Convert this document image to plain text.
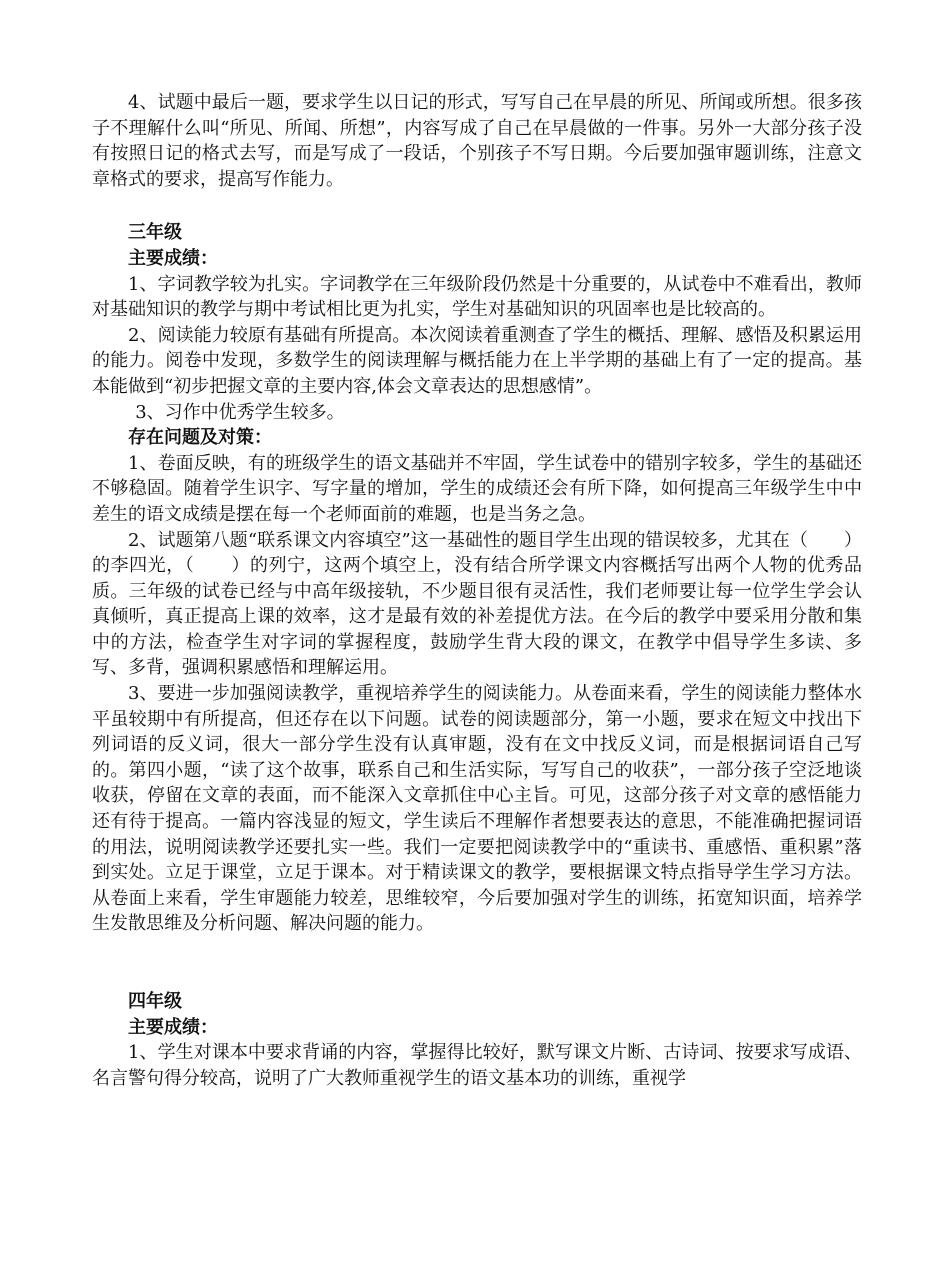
4、试题中最后一题，要求学生以日记的形式，写写自己在早晨的所见、所闻或所想。很多孩子不理解什么叫“所见、所闻、所想”，内容写成了自己在早晨做的一件事。另外一大部分孩子没有按照日记的格式去写，而是写成了一段话，个别孩子不写日期。今后要加强审题训练，注意文章格式的要求，提高写作能力。

三年级

主要成绩：

1、字词教学较为扎实。字词教学在三年级阶段仍然是十分重要的，从试卷中不难看出，教师对基础知识的教学与期中考试相比更为扎实，学生对基础知识的巩固率也是比较高的。

2、阅读能力较原有基础有所提高。本次阅读着重测查了学生的概括、理解、感悟及积累运用的能力。阅卷中发现，多数学生的阅读理解与概括能力在上半学期的基础上有了一定的提高。基本能做到“初步把握文章的主要内容,体会文章表达的思想感情”。

3、习作中优秀学生较多。

存在问题及对策：

1、卷面反映，有的班级学生的语文基础并不牢固，学生试卷中的错别字较多，学生的基础还不够稳固。随着学生识字、写字量的增加，学生的成绩还会有所下降，如何提高三年级学生中中差生的语文成绩是摆在每一个老师面前的难题，也是当务之急。

2、试题第八题“联系课文内容填空”这一基础性的题目学生出现的错误较多，尤其在（　　）的李四光，（　　）的列宁，这两个填空上，没有结合所学课文内容概括写出两个人物的优秀品质。三年级的试卷已经与中高年级接轨，不少题目很有灵活性，我们老师要让每一位学生学会认真倾听，真正提高上课的效率，这才是最有效的补差提优方法。在今后的教学中要采用分散和集中的方法，检查学生对字词的掌握程度，鼓励学生背大段的课文，在教学中倡导学生多读、多写、多背，强调积累感悟和理解运用。

3、要进一步加强阅读教学，重视培养学生的阅读能力。从卷面来看，学生的阅读能力整体水平虽较期中有所提高，但还存在以下问题。试卷的阅读题部分，第一小题，要求在短文中找出下列词语的反义词，很大一部分学生没有认真审题，没有在文中找反义词，而是根据词语自己写的。第四小题，“读了这个故事，联系自己和生活实际，写写自己的收获”，一部分孩子空泛地谈收获，停留在文章的表面，而不能深入文章抓住中心主旨。可见，这部分孩子对文章的感悟能力还有待于提高。一篇内容浅显的短文，学生读后不理解作者想要表达的意思，不能准确把握词语的用法，说明阅读教学还要扎实一些。我们一定要把阅读教学中的“重读书、重感悟、重积累”落到实处。立足于课堂，立足于课本。对于精读课文的教学，要根据课文特点指导学生学习方法。从卷面上来看，学生审题能力较差，思维较窄，今后要加强对学生的训练，拓宽知识面，培养学生发散思维及分析问题、解决问题的能力。

四年级

主要成绩：

1、学生对课本中要求背诵的内容，掌握得比较好，默写课文片断、古诗词、按要求写成语、名言警句得分较高，说明了广大教师重视学生的语文基本功的训练，重视学
